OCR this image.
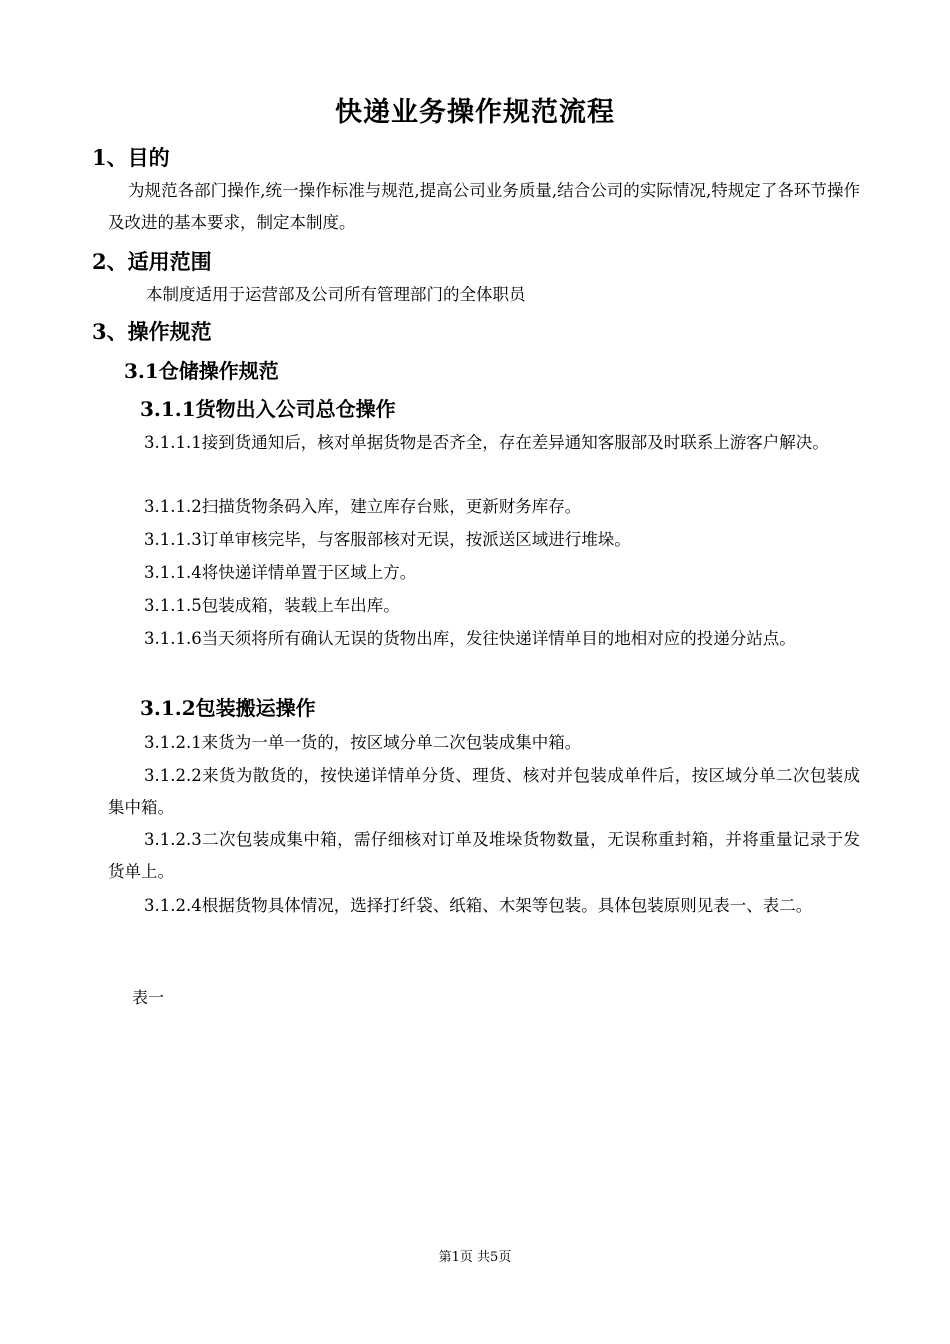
快递业务操作规范流程
1、目的
为规范各部门操作,统一操作标准与规范,提高公司业务质量,结合公司的实际情况,特规定了各环节操作及改进的基本要求，制定本制度。
2、适用范围
本制度适用于运营部及公司所有管理部门的全体职员
3、操作规范
3.1仓储操作规范
3.1.1货物出入公司总仓操作
3.1.1.1接到货通知后，核对单据货物是否齐全，存在差异通知客服部及时联系上游客户解决。
3.1.1.2扫描货物条码入库，建立库存台账，更新财务库存。
3.1.1.3订单审核完毕，与客服部核对无误，按派送区域进行堆垛。
3.1.1.4将快递详情单置于区域上方。
3.1.1.5包装成箱，装载上车出库。
3.1.1.6当天须将所有确认无误的货物出库，发往快递详情单目的地相对应的投递分站点。
3.1.2包装搬运操作
3.1.2.1来货为一单一货的，按区域分单二次包装成集中箱。
3.1.2.2来货为散货的，按快递详情单分货、理货、核对并包装成单件后，按区域分单二次包装成集中箱。
3.1.2.3二次包装成集中箱，需仔细核对订单及堆垛货物数量，无误称重封箱，并将重量记录于发货单上。
3.1.2.4根据货物具体情况，选择打纤袋、纸箱、木架等包装。具体包装原则见表一、表二。
表一
第1页 共5页
